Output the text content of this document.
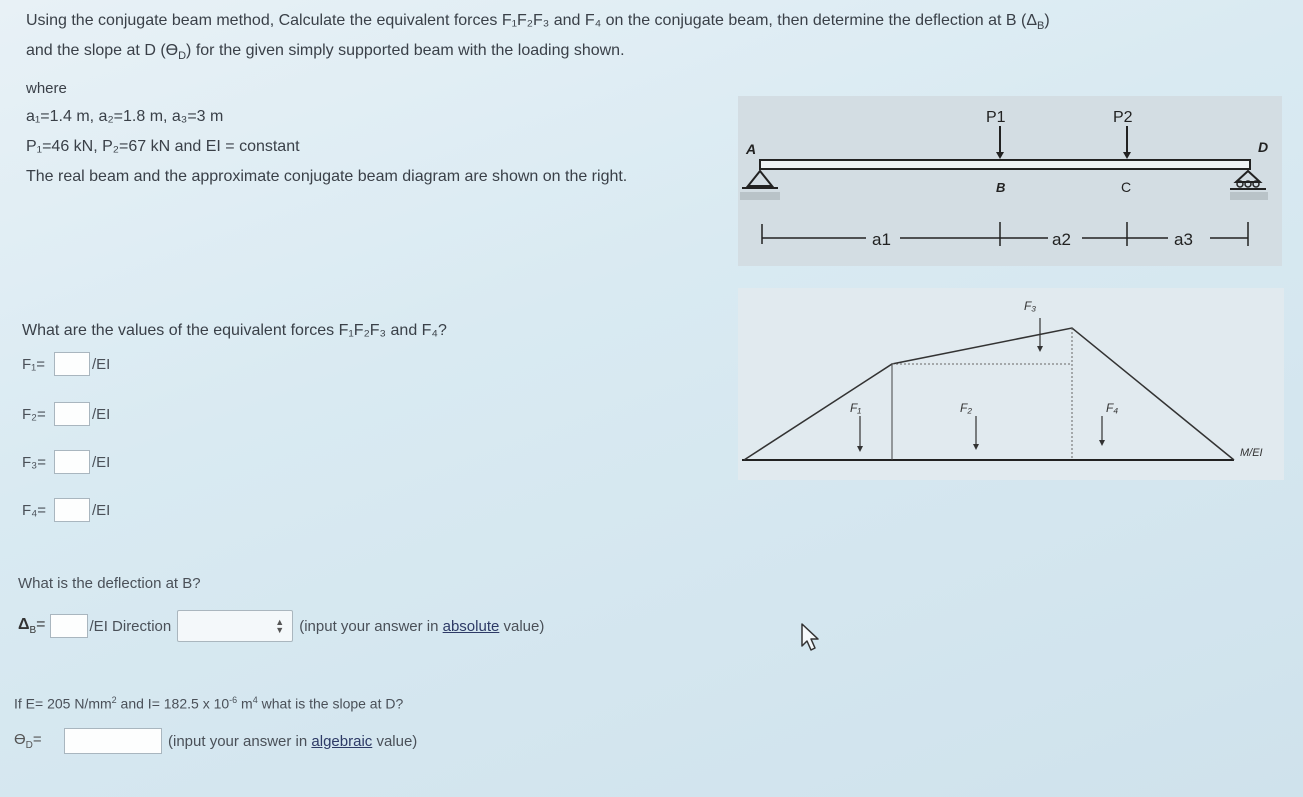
Using the conjugate beam method, Calculate the equivalent forces F₁F₂F₃ and F₄ on the conjugate beam, then determine the deflection at B $(\Delta_B)$
and the slope at D $(ϴ_D)$ for the given simply supported beam with the loading shown.
where
a₁=1.4 m, a₂=1.8 m, a₃=3 m
P₁=46 kN, P₂=67 kN and EI = constant
The real beam and the approximate conjugate beam diagram are shown on the right.
What are the values of the equivalent forces F₁F₂F₃ and F₄?
F₁=	/EI
F₂=	/EI
F₃=	/EI
F₄=	/EI
What is the deflection at B?
$\Delta_B=$	/EI Direction	▲
▼ (input your answer in absolute value)
If E= 205 $N/mm^2$ and I= 182.5 x $10^{-6}$ $m^4$ what is the slope at D?
$ϴ_D=$	(input your answer in algebraic value)
A	D
P1
B
P2
C
a1	a2	a3
F₁	F₂
F₃
F₄
M/EI
